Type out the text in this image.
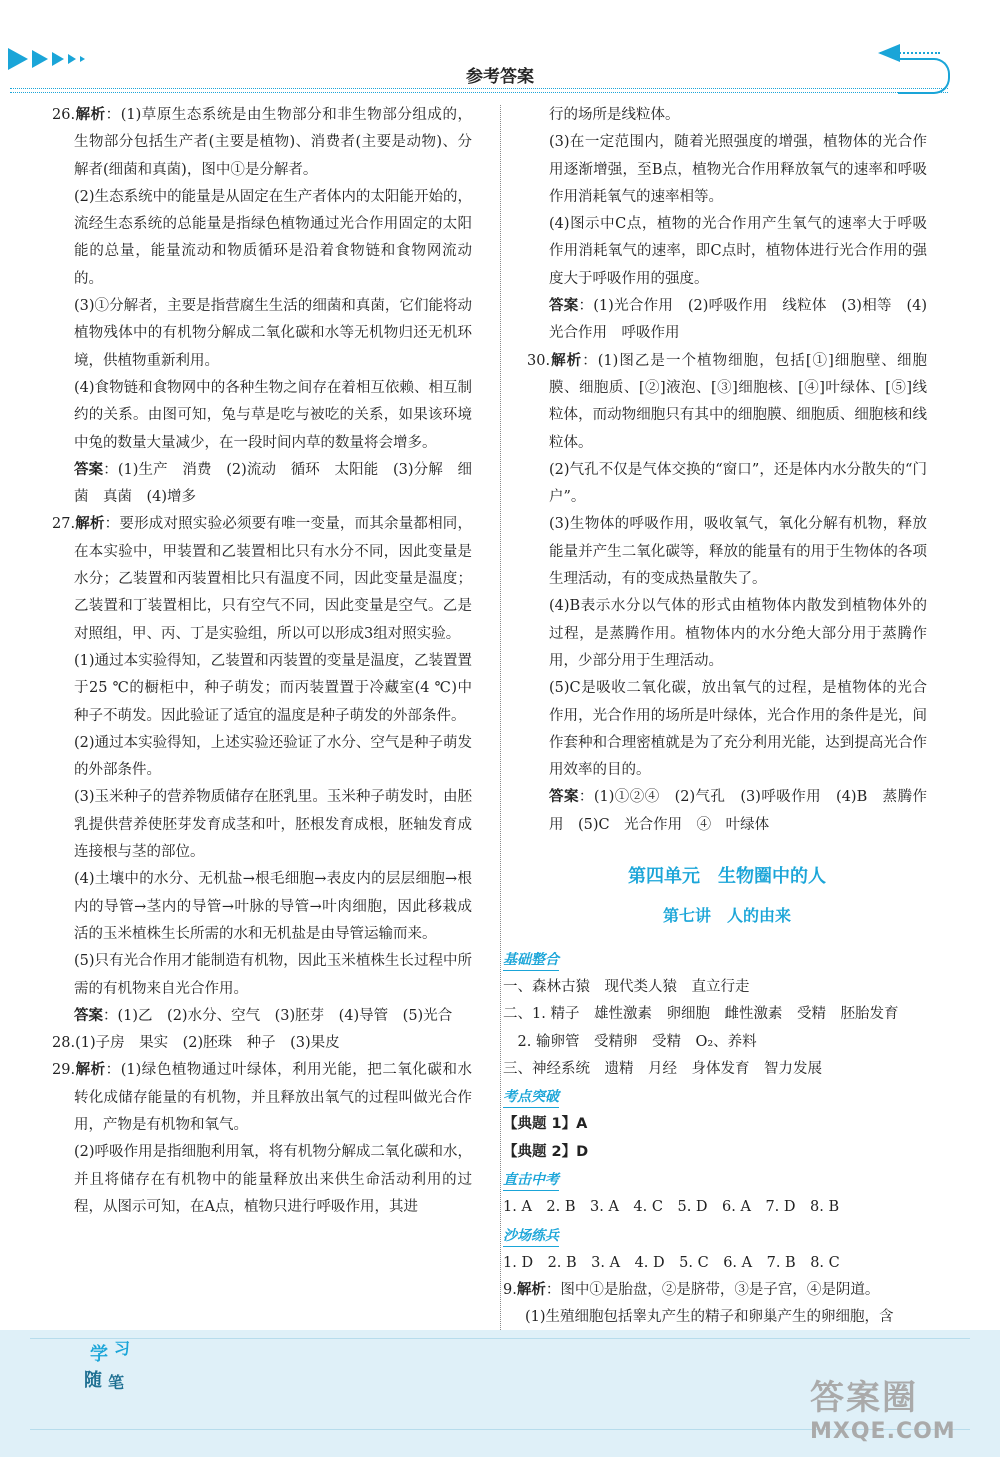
参考答案

26.解析：(1)草原生态系统是由生物部分和非生物部分组成的，生物部分包括生产者(主要是植物)、消费者(主要是动物)、分解者(细菌和真菌)，图中①是分解者。

(2)生态系统中的能量是从固定在生产者体内的太阳能开始的，流经生态系统的总能量是指绿色植物通过光合作用固定的太阳能的总量，能量流动和物质循环是沿着食物链和食物网流动的。

(3)①分解者，主要是指营腐生生活的细菌和真菌，它们能将动植物残体中的有机物分解成二氧化碳和水等无机物归还无机环境，供植物重新利用。

(4)食物链和食物网中的各种生物之间存在着相互依赖、相互制约的关系。由图可知，兔与草是吃与被吃的关系，如果该环境中兔的数量大量减少，在一段时间内草的数量将会增多。

答案：(1)生产　消费　(2)流动　循环　太阳能　(3)分解　细菌　真菌　(4)增多

27.解析：要形成对照实验必须要有唯一变量，而其余量都相同，在本实验中，甲装置和乙装置相比只有水分不同，因此变量是水分；乙装置和丙装置相比只有温度不同，因此变量是温度；乙装置和丁装置相比，只有空气不同，因此变量是空气。乙是对照组，甲、丙、丁是实验组，所以可以形成3组对照实验。

(1)通过本实验得知，乙装置和丙装置的变量是温度，乙装置置于25 ℃的橱柜中，种子萌发；而丙装置置于冷藏室(4 ℃)中种子不萌发。因此验证了适宜的温度是种子萌发的外部条件。

(2)通过本实验得知，上述实验还验证了水分、空气是种子萌发的外部条件。

(3)玉米种子的营养物质储存在胚乳里。玉米种子萌发时，由胚乳提供营养使胚芽发育成茎和叶，胚根发育成根，胚轴发育成连接根与茎的部位。

(4)土壤中的水分、无机盐→根毛细胞→表皮内的层层细胞→根内的导管→茎内的导管→叶脉的导管→叶肉细胞，因此移栽成活的玉米植株生长所需的水和无机盐是由导管运输而来。

(5)只有光合作用才能制造有机物，因此玉米植株生长过程中所需的有机物来自光合作用。

答案：(1)乙　(2)水分、空气　(3)胚芽　(4)导管　(5)光合

28.(1)子房　果实　(2)胚珠　种子　(3)果皮

29.解析：(1)绿色植物通过叶绿体，利用光能，把二氧化碳和水转化成储存能量的有机物，并且释放出氧气的过程叫做光合作用，产物是有机物和氧气。

(2)呼吸作用是指细胞利用氧，将有机物分解成二氧化碳和水，并且将储存在有机物中的能量释放出来供生命活动利用的过程，从图示可知，在A点，植物只进行呼吸作用，其进

行的场所是线粒体。

(3)在一定范围内，随着光照强度的增强，植物体的光合作用逐渐增强，至B点，植物光合作用释放氧气的速率和呼吸作用消耗氧气的速率相等。

(4)图示中C点，植物的光合作用产生氧气的速率大于呼吸作用消耗氧气的速率，即C点时，植物体进行光合作用的强度大于呼吸作用的强度。

答案：(1)光合作用　(2)呼吸作用　线粒体　(3)相等　(4)光合作用　呼吸作用

30.解析：(1)图乙是一个植物细胞，包括[①]细胞壁、细胞膜、细胞质、[②]液泡、[③]细胞核、[④]叶绿体、[⑤]线粒体，而动物细胞只有其中的细胞膜、细胞质、细胞核和线粒体。

(2)气孔不仅是气体交换的“窗口”，还是体内水分散失的“门户”。

(3)生物体的呼吸作用，吸收氧气，氧化分解有机物，释放能量并产生二氧化碳等，释放的能量有的用于生物体的各项生理活动，有的变成热量散失了。

(4)B表示水分以气体的形式由植物体内散发到植物体外的过程，是蒸腾作用。植物体内的水分绝大部分用于蒸腾作用，少部分用于生理活动。

(5)C是吸收二氧化碳，放出氧气的过程，是植物体的光合作用，光合作用的场所是叶绿体，光合作用的条件是光，间作套种和合理密植就是为了充分利用光能，达到提高光合作用效率的目的。

答案：(1)①②④　(2)气孔　(3)呼吸作用　(4)B　蒸腾作用　(5)C　光合作用　④　叶绿体

第四单元　生物圈中的人
第七讲　人的由来
基础整合

一、森林古猿　现代类人猿　直立行走

二、1. 精子　雄性激素　卵细胞　雌性激素　受精　胚胎发育

　2. 输卵管　受精卵　受精　O₂、养料

三、神经系统　遗精　月经　身体发育　智力发展

考点突破

【典题 1】A

【典题 2】D

直击中考

1. A　2. B　3. A　4. C　5. D　6. A　7. D　8. B

沙场练兵

1. D　2. B　3. A　4. D　5. C　6. A　7. B　8. C

9.解析：图中①是胎盘，②是脐带，③是子宫，④是阴道。

(1)生殖细胞包括睾丸产生的精子和卵巢产生的卵细胞，含

学 习
随 笔	答案圈
MXQE.COM
